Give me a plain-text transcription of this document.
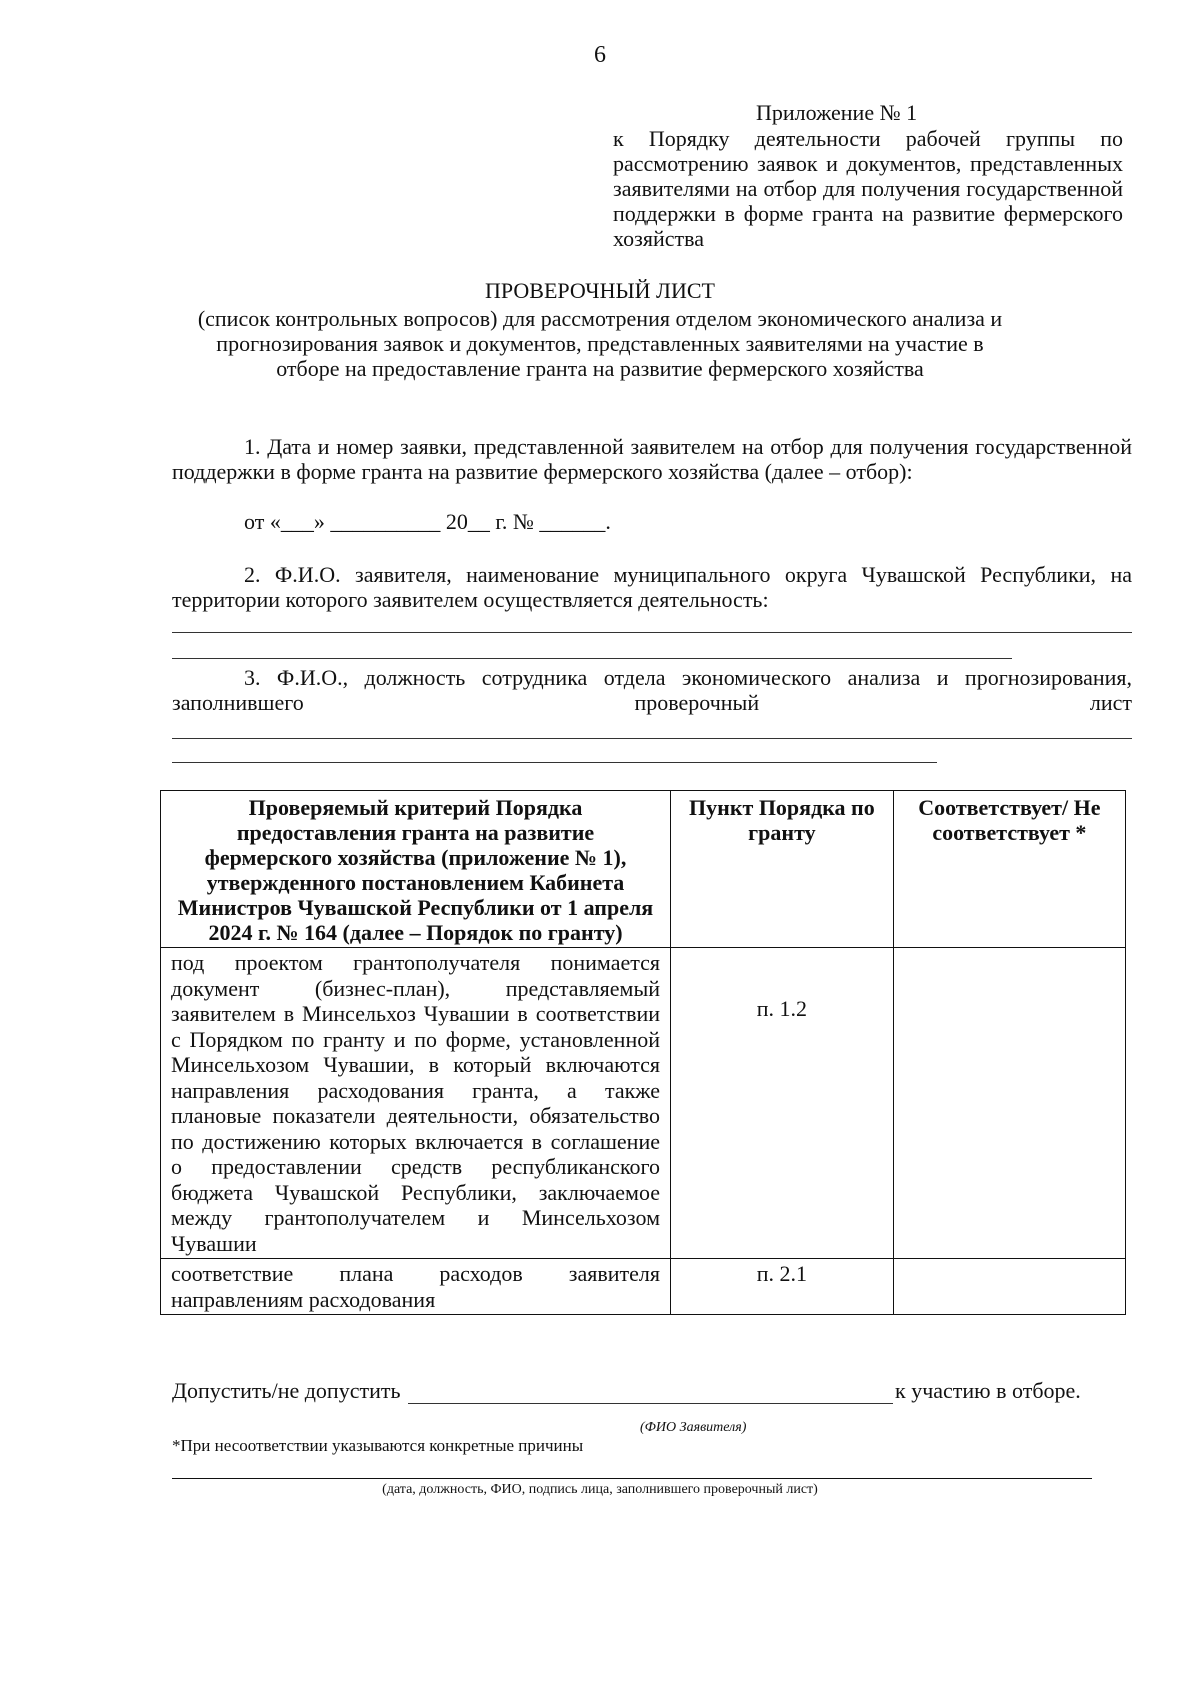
6
Приложение № 1
к Порядку деятельности рабочей группы по рассмотрению заявок и документов, представленных заявителями на отбор для получения государственной поддержки в форме гранта на развитие фермерского хозяйства
ПРОВЕРОЧНЫЙ ЛИСТ
(список контрольных вопросов) для рассмотрения отделом экономического анализа и прогнозирования заявок и документов, представленных заявителями на участие в отборе на предоставление гранта на развитие фермерского хозяйства
1. Дата и номер заявки, представленной заявителем на отбор для получения государственной поддержки в форме гранта на развитие фермерского хозяйства (далее – отбор):
от «___» __________ 20__ г. № ______.
2. Ф.И.О. заявителя, наименование муниципального округа Чувашской Республики, на территории которого заявителем осуществляется деятельность:
3. Ф.И.О., должность сотрудника отдела экономического анализа и прогнозирования, заполнившего проверочный лист
Проверяемый критерий Порядка предоставления гранта на развитие фермерского хозяйства (приложение № 1), утвержденного постановлением Кабинета Министров Чувашской Республики от 1 апреля 2024 г. № 164 (далее – Порядок по гранту)	Пункт Порядка по гранту	Соответствует/ Не соответствует *
под проектом грантополучателя понимается документ (бизнес-план), представляемый заявителем в Минсельхоз Чувашии в соответствии с Порядком по гранту и по форме, установленной Минсельхозом Чувашии, в который включаются направления расходования гранта, а также плановые показатели деятельности, обязательство по достижению которых включается в соглашение о предоставлении средств республиканского бюджета Чувашской Республики, заключаемое между грантополучателем и Минсельхозом Чувашии	п. 1.2	
соответствие плана расходов заявителя направлениям расходования	п. 2.1	
Допустить/не допустить	к участию в отборе.
(ФИО Заявителя)
*При несоответствии указываются конкретные причины
(дата, должность, ФИО, подпись лица, заполнившего проверочный лист)
